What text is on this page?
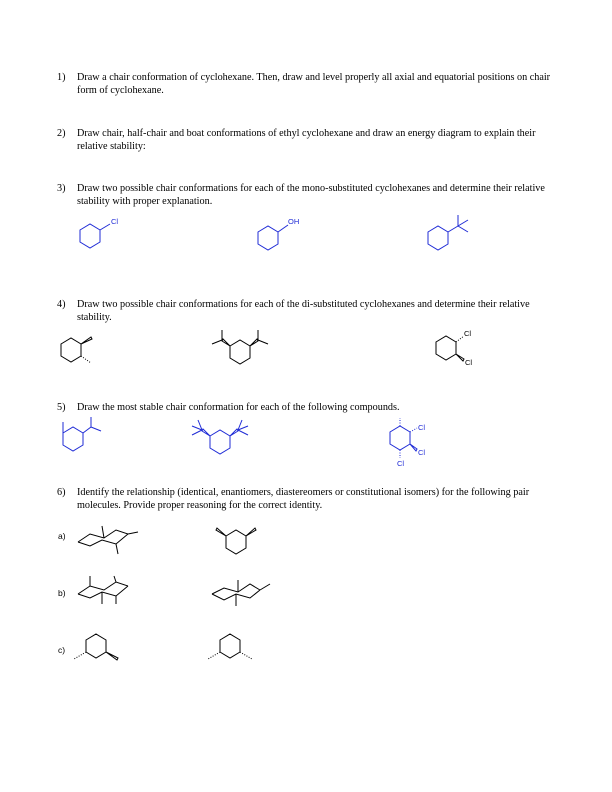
1) Draw a chair conformation of cyclohexane. Then, draw and level properly all axial and equatorial positions on chair form of cyclohexane.
2) Draw chair, half-chair and boat conformations of ethyl cyclohexane and draw an energy diagram to explain their relative stability:
3) Draw two possible chair conformations for each of the mono-substituted cyclohexanes and determine their relative stability with proper explanation.
4) Draw two possible chair conformations for each of the di-substituted cyclohexanes and determine their relative stability.
5) Draw the most stable chair conformation for each of the following compounds.
6) Identify the relationship (identical, enantiomers, diastereomers or constitutional isomers) for the following pair molecules. Provide proper reasoning for the correct identity.
Cl	OH
Cl
Cl
Cl
Cl
Cl
a)
b)
c)
